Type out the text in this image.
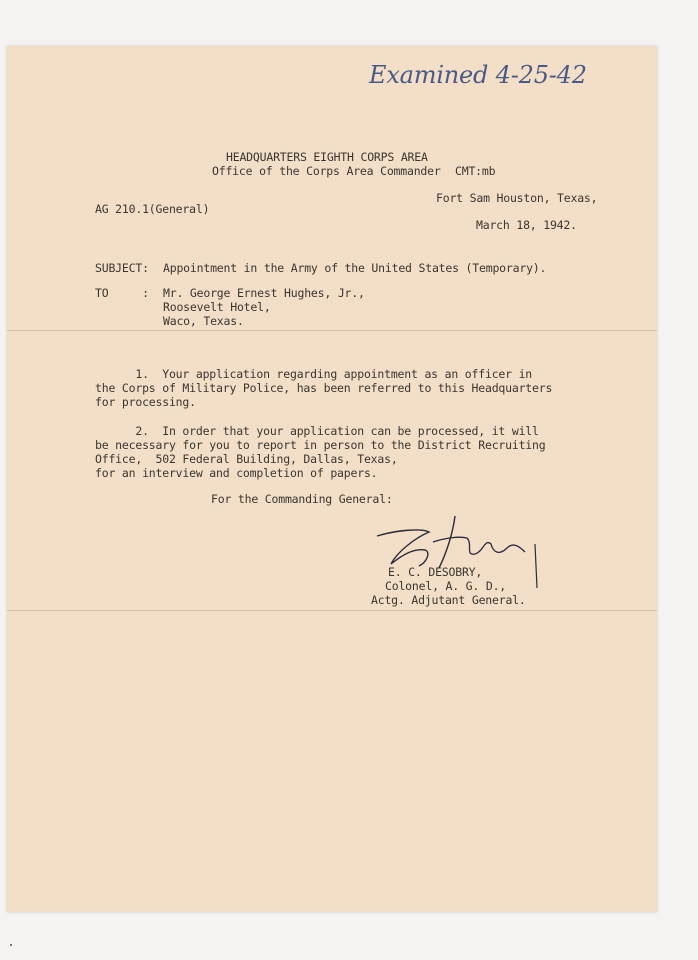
Examined 4-25-42
HEADQUARTERS EIGHTH CORPS AREA
Office of the Corps Area Commander CMT:mb
Fort Sam Houston, Texas,
AG 210.1(General)
March 18, 1942.
SUBJECT: Appointment in the Army of the United States (Temporary).
TO     : Mr. George Ernest Hughes, Jr.,
Roosevelt Hotel,
Waco, Texas.
1.  Your application regarding appointment as an officer in
the Corps of Military Police, has been referred to this Headquarters
for processing.
2.  In order that your application can be processed, it will
be necessary for you to report in person to the District Recruiting
Office,  502 Federal Building, Dallas, Texas,
for an interview and completion of papers.
For the Commanding General:
E. C. DESOBRY,
Colonel, A. G. D.,
Actg. Adjutant General.
